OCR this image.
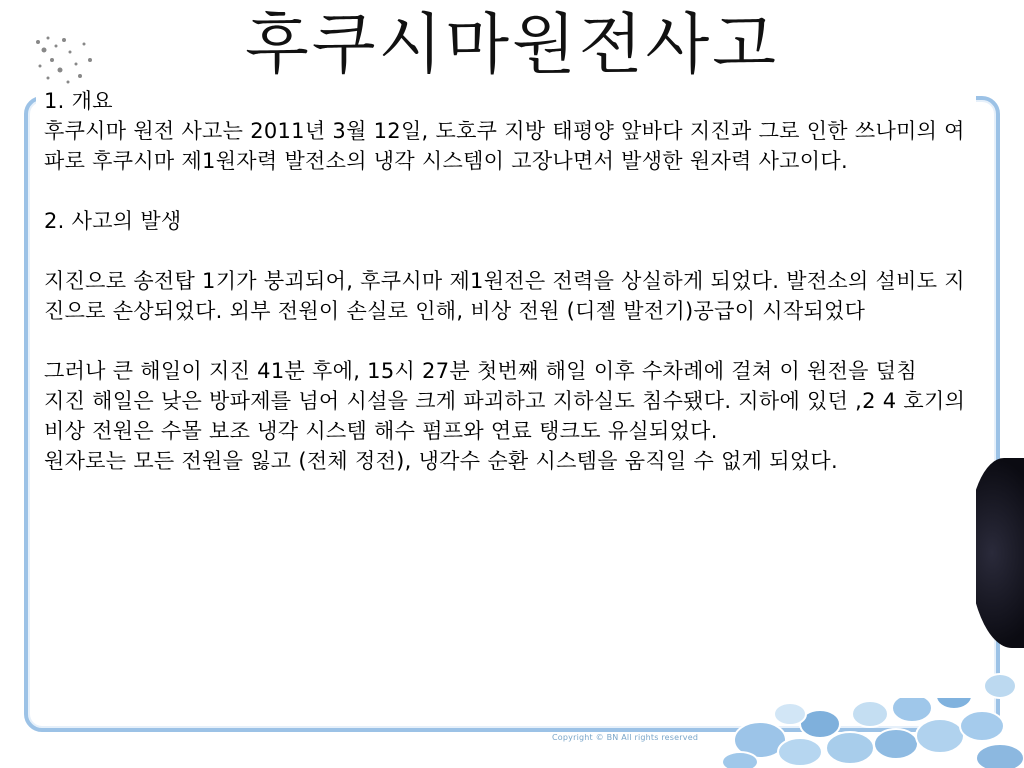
Copyright © BN All rights reserved
후쿠시마원전사고

1. 개요

후쿠시마 원전 사고는 2011년 3월 12일, 도호쿠 지방 태평양 앞바다 지진과 그로 인한 쓰나미의 여파로 후쿠시마 제1원자력 발전소의 냉각 시스템이 고장나면서 발생한 원자력 사고이다.

2. 사고의 발생

지진으로 송전탑 1기가 붕괴되어, 후쿠시마 제1원전은 전력을 상실하게 되었다. 발전소의 설비도 지진으로 손상되었다. 외부 전원이 손실로 인해, 비상 전원 (디젤 발전기)공급이 시작되었다

그러나 큰 해일이 지진 41분 후에, 15시 27분 첫번째 해일 이후 수차례에 걸쳐 이 원전을 덮침

지진 해일은 낮은 방파제를 넘어 시설을 크게 파괴하고 지하실도 침수됐다. 지하에 있던 ,2 4 호기의 비상 전원은 수몰 보조 냉각 시스템 해수 펌프와 연료 탱크도 유실되었다.

원자로는 모든 전원을 잃고 (전체 정전), 냉각수 순환 시스템을 움직일 수 없게 되었다.
